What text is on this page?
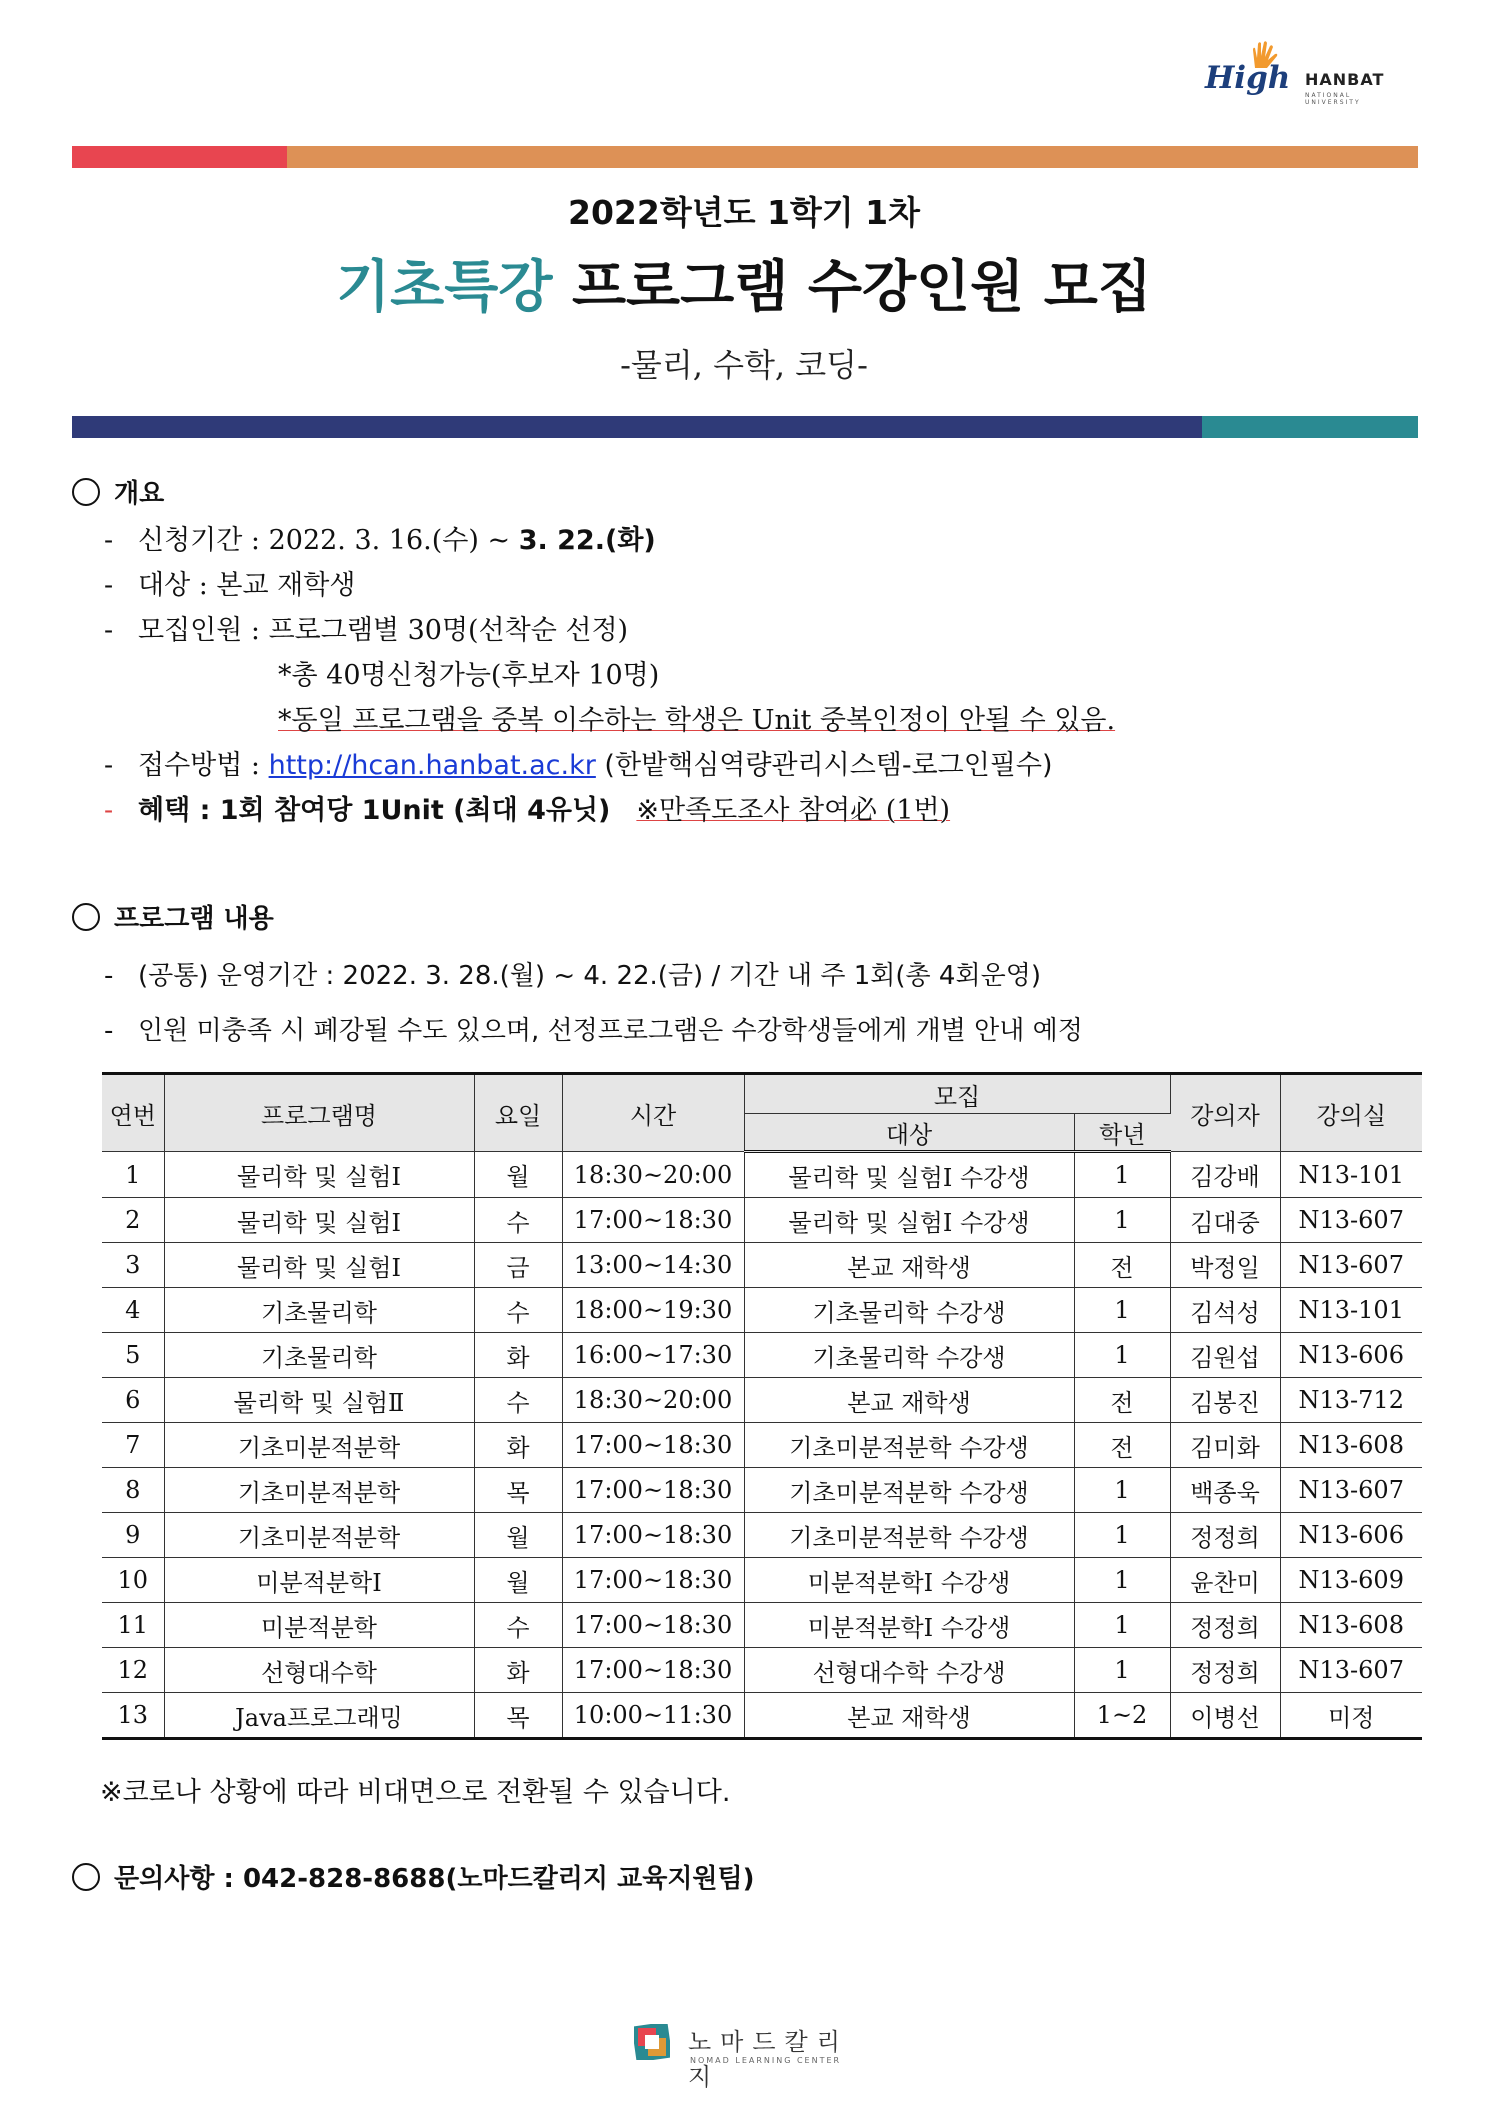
High HANBAT
NATIONAL UNIVERSITY
2022학년도 1학기 1차
기초특강 프로그램 수강인원 모집
-물리, 수학, 코딩-
개요
- 신청기간 : 2022. 3. 16.(수) ~ 3. 22.(화)
- 대상 : 본교 재학생
- 모집인원 : 프로그램별 30명(선착순 선정)
*총 40명신청가능(후보자 10명)
*동일 프로그램을 중복 이수하는 학생은 Unit 중복인정이 안될 수 있음.
- 접수방법 : http://hcan.hanbat.ac.kr (한밭핵심역량관리시스템-로그인필수)
- 혜택 : 1회 참여당 1Unit (최대 4유닛) ※만족도조사 참여必 (1번)
프로그램 내용
- (공통) 운영기간 : 2022. 3. 28.(월) ~ 4. 22.(금) / 기간 내 주 1회(총 4회운영)
- 인원 미충족 시 폐강될 수도 있으며, 선정프로그램은 수강학생들에게 개별 안내 예정
연번	프로그램명	요일	시간	모집		강의자	강의실
				대상	학년		
1	물리학 및 실험Ⅰ	월	18:30~20:00	물리학 및 실험Ⅰ 수강생	1	김강배	N13-101
2	물리학 및 실험Ⅰ	수	17:00~18:30	물리학 및 실험Ⅰ 수강생	1	김대중	N13-607
3	물리학 및 실험Ⅰ	금	13:00~14:30	본교 재학생	전	박정일	N13-607
4	기초물리학	수	18:00~19:30	기초물리학 수강생	1	김석성	N13-101
5	기초물리학	화	16:00~17:30	기초물리학 수강생	1	김원섭	N13-606
6	물리학 및 실험Ⅱ	수	18:30~20:00	본교 재학생	전	김봉진	N13-712
7	기초미분적분학	화	17:00~18:30	기초미분적분학 수강생	전	김미화	N13-608
8	기초미분적분학	목	17:00~18:30	기초미분적분학 수강생	1	백종욱	N13-607
9	기초미분적분학	월	17:00~18:30	기초미분적분학 수강생	1	정정희	N13-606
10	미분적분학Ⅰ	월	17:00~18:30	미분적분학Ⅰ 수강생	1	윤찬미	N13-609
11	미분적분학	수	17:00~18:30	미분적분학Ⅰ 수강생	1	정정희	N13-608
12	선형대수학	화	17:00~18:30	선형대수학 수강생	1	정정희	N13-607
13	Java프로그래밍	목	10:00~11:30	본교 재학생	1~2	이병선	미정
※코로나 상황에 따라 비대면으로 전환될 수 있습니다.
문의사항 : 042-828-8688(노마드칼리지 교육지원팀)
노마드칼리지
NOMAD LEARNING CENTER
